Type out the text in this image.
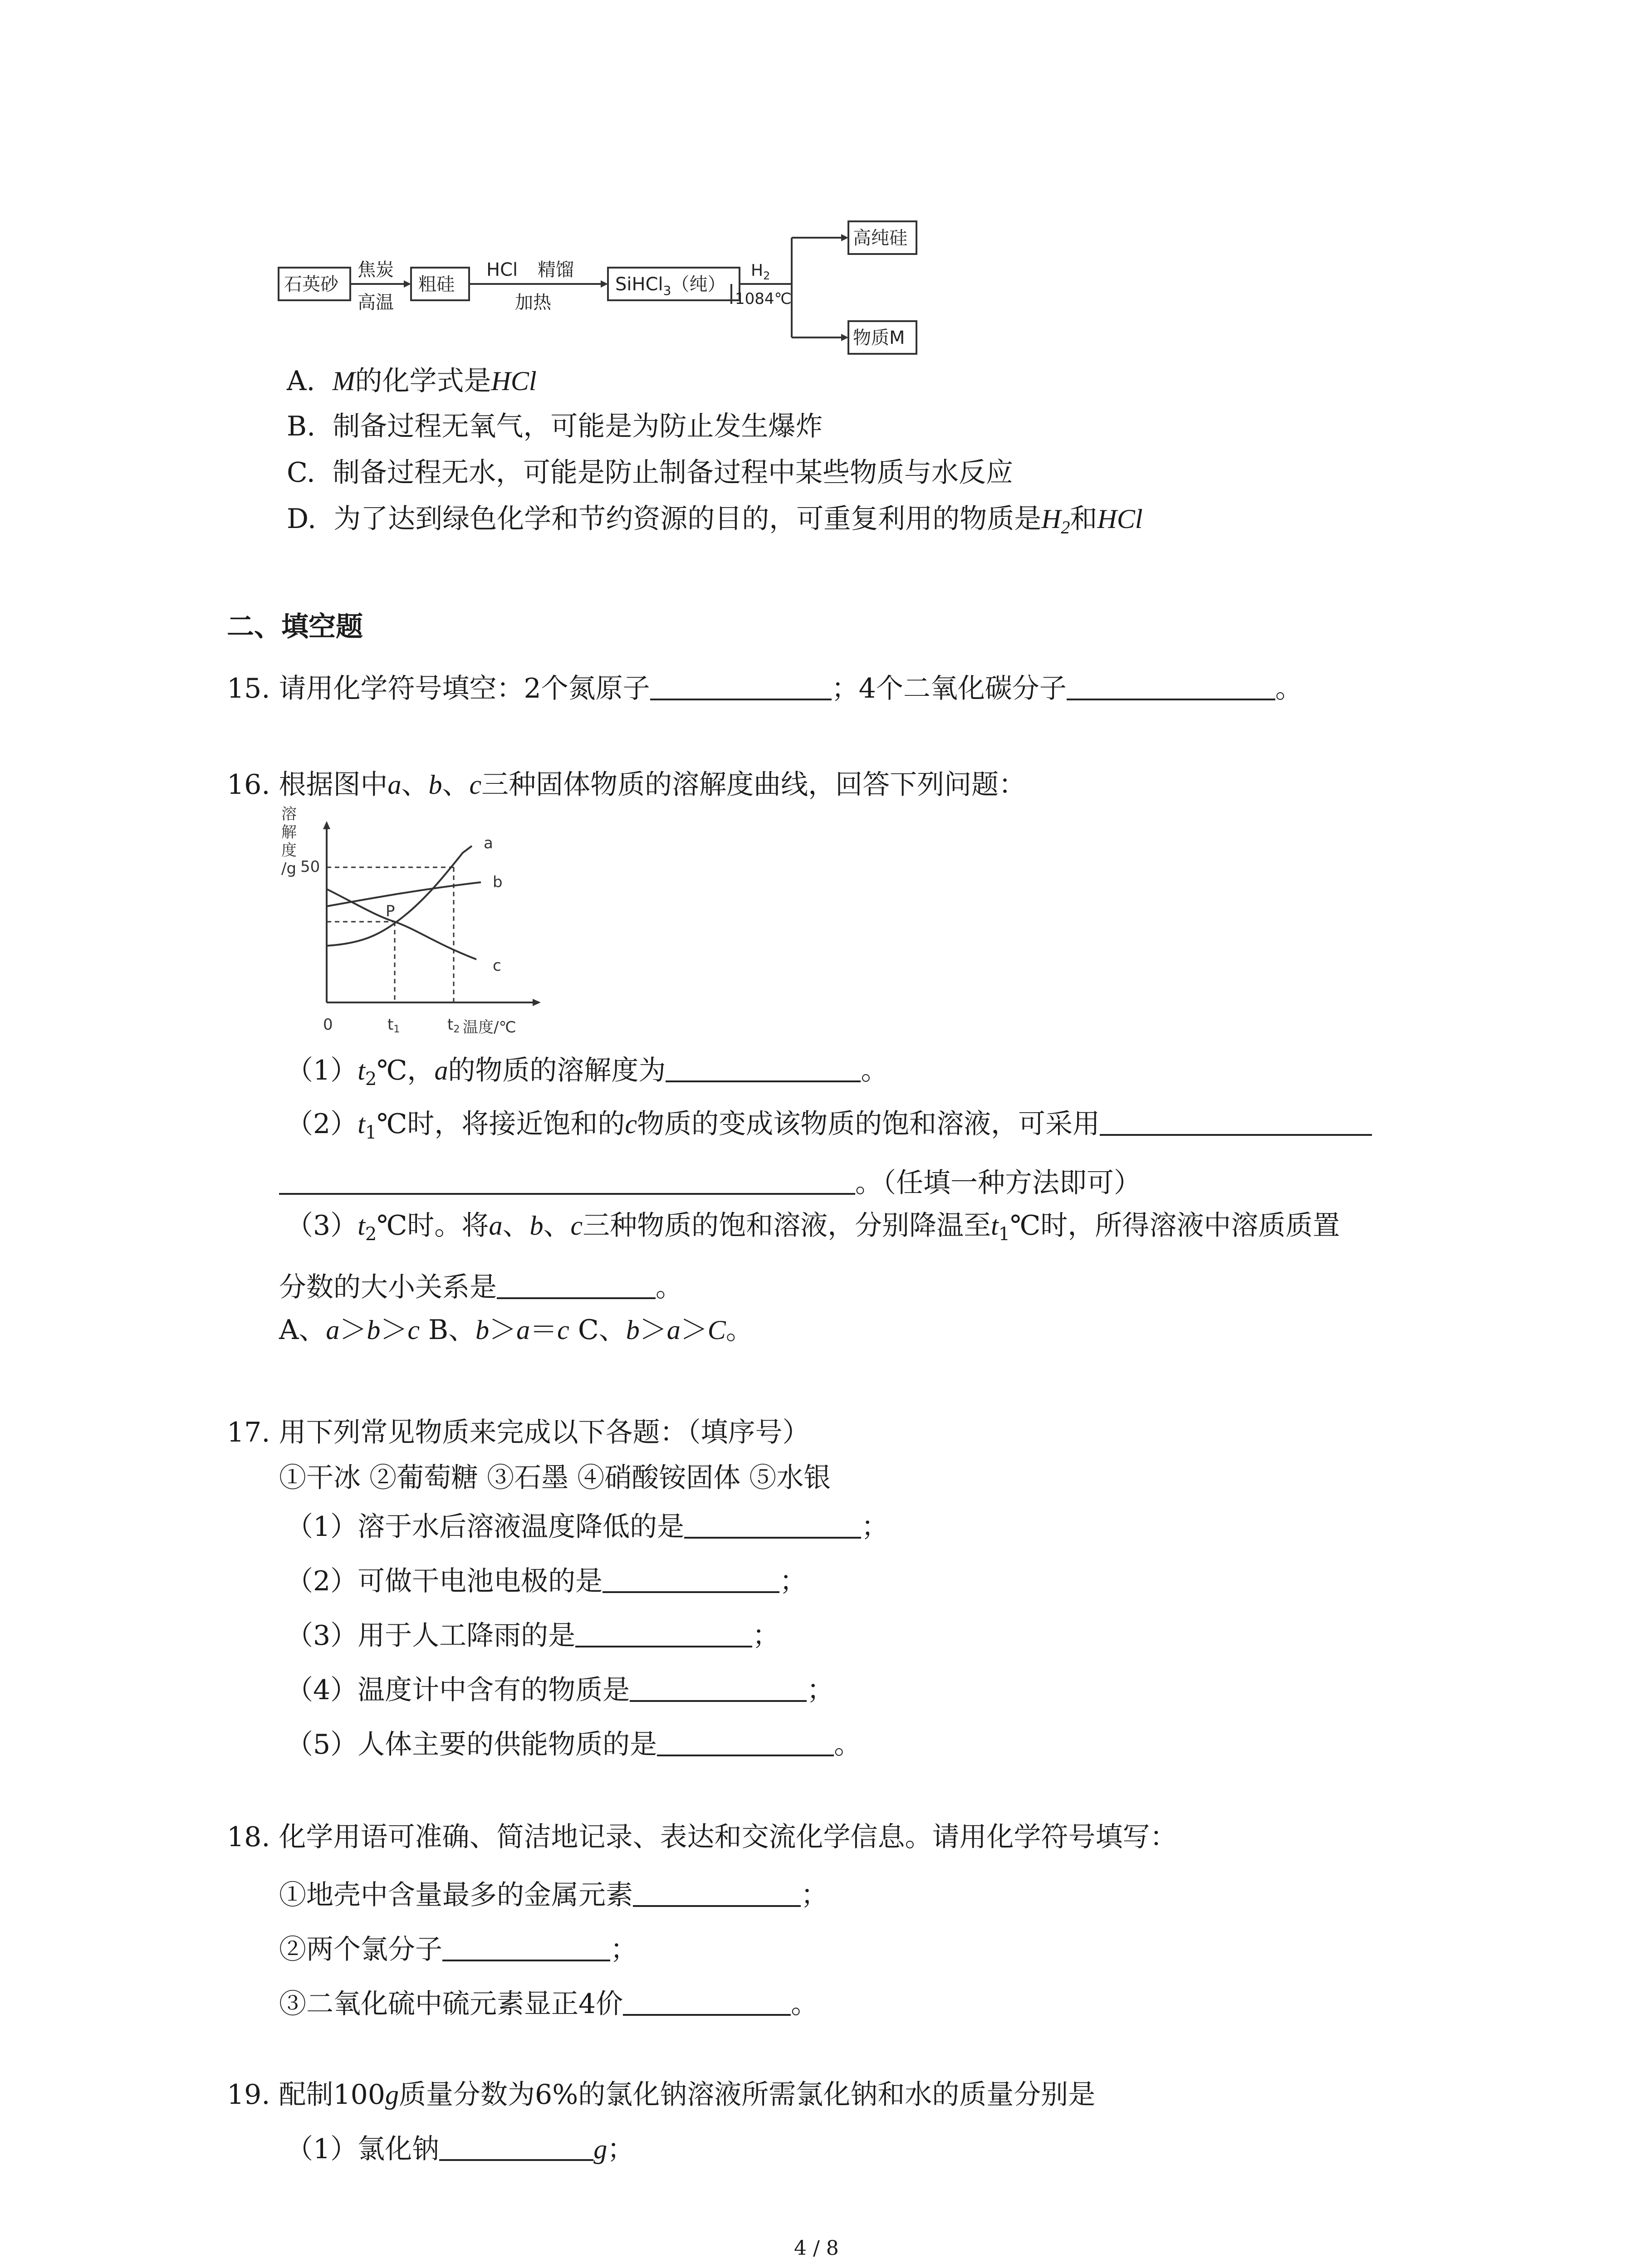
石英砂
焦炭
高温
粗硅
HCl 精馏
加热
SiHCl$_3$（纯）
$H_2$
1084℃
高纯硅
物质M
A. M的化学式是HCl
B. 制备过程无氧气，可能是为防止发生爆炸
C. 制备过程无水，可能是防止制备过程中某些物质与水反应
D. 为了达到绿色化学和节约资源的目的，可重复利用的物质是$H_2$和HCl
二、填空题
15. 请用化学符号填空：2个氮原子	；4个二氧化碳分子	。
16. 根据图中a、b、c三种固体物质的溶解度曲线，回答下列问题：
溶
解
度
/g 50
0	t1	t2 温度/℃
a
b
c
P
$(1)t_2℃$，a的物质的溶解度为	。
$(2)t_1℃$时，将接近饱和的c物质的变成该物质的饱和溶液，可采用
。（任填一种方法即可）
$(3)t_2℃$时。将a、b、c三种物质的饱和溶液，分别降温至$t_1℃$时，所得溶液中溶质质置
分数的大小关系是	。
A、a＞b＞c B、b＞a＝c C、b＞a＞C。
17. 用下列常见物质来完成以下各题：（填序号）
①干冰 ②葡萄糖 ③石墨 ④硝酸铵固体 ⑤水银
（1）溶于水后溶液温度降低的是	；
（2）可做干电池电极的是	；
（3）用于人工降雨的是	；
（4）温度计中含有的物质是	；
（5）人体主要的供能物质的是	。
18. 化学用语可准确、简洁地记录、表达和交流化学信息。请用化学符号填写：
①地壳中含量最多的金属元素	；
②两个氯分子	；
③二氧化硫中硫元素显正4价	。
19. 配制100g质量分数为6%的氯化钠溶液所需氯化钠和水的质量分别是
（1）氯化钠	g；
4 / 8
